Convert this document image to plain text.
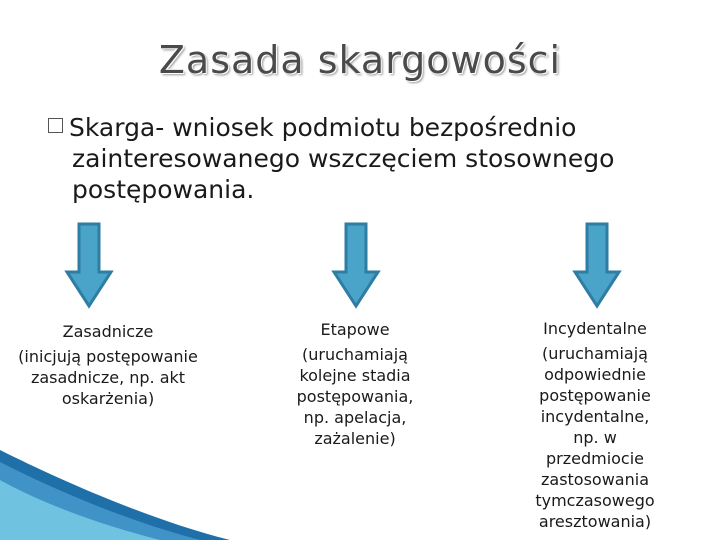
Zasada skargowości
Skarga- wniosek podmiotu bezpośrednio
zainteresowanego wszczęciem stosownego
postępowania.
Zasadnicze
(inicjują postępowanie
zasadnicze, np. akt
oskarżenia)
Etapowe
(uruchamiają
kolejne stadia
postępowania,
np. apelacja,
zażalenie)
Incydentalne
(uruchamiają
odpowiednie
postępowanie
incydentalne,
np. w
przedmiocie
zastosowania
tymczasowego
aresztowania)
